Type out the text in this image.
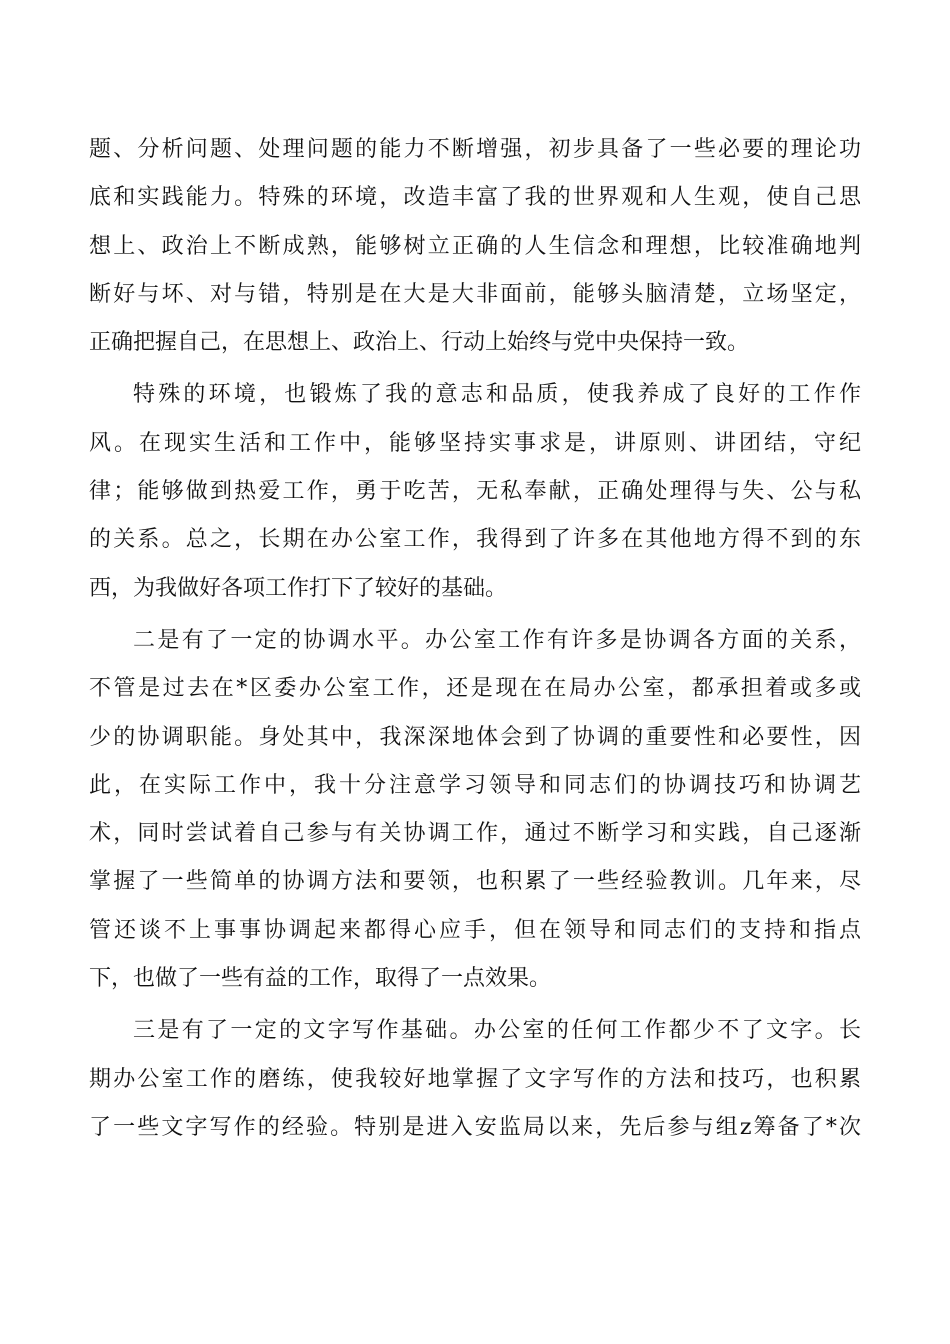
题、分析问题、处理问题的能力不断增强，初步具备了一些必要的理论功
底和实践能力。特殊的环境，改造丰富了我的世界观和人生观，使自己思
想上、政治上不断成熟，能够树立正确的人生信念和理想，比较准确地判
断好与坏、对与错，特别是在大是大非面前，能够头脑清楚，立场坚定，
正确把握自己，在思想上、政治上、行动上始终与党中央保持一致。
特殊的环境，也锻炼了我的意志和品质，使我养成了良好的工作作
风。在现实生活和工作中，能够坚持实事求是，讲原则、讲团结，守纪
律；能够做到热爱工作，勇于吃苦，无私奉献，正确处理得与失、公与私
的关系。总之，长期在办公室工作，我得到了许多在其他地方得不到的东
西，为我做好各项工作打下了较好的基础。
二是有了一定的协调水平。办公室工作有许多是协调各方面的关系，
不管是过去在*区委办公室工作，还是现在在局办公室，都承担着或多或
少的协调职能。身处其中，我深深地体会到了协调的重要性和必要性，因
此，在实际工作中，我十分注意学习领导和同志们的协调技巧和协调艺
术，同时尝试着自己参与有关协调工作，通过不断学习和实践，自己逐渐
掌握了一些简单的协调方法和要领，也积累了一些经验教训。几年来，尽
管还谈不上事事协调起来都得心应手，但在领导和同志们的支持和指点
下，也做了一些有益的工作，取得了一点效果。
三是有了一定的文字写作基础。办公室的任何工作都少不了文字。长
期办公室工作的磨练，使我较好地掌握了文字写作的方法和技巧，也积累
了一些文字写作的经验。特别是进入安监局以来，先后参与组z筹备了*次
